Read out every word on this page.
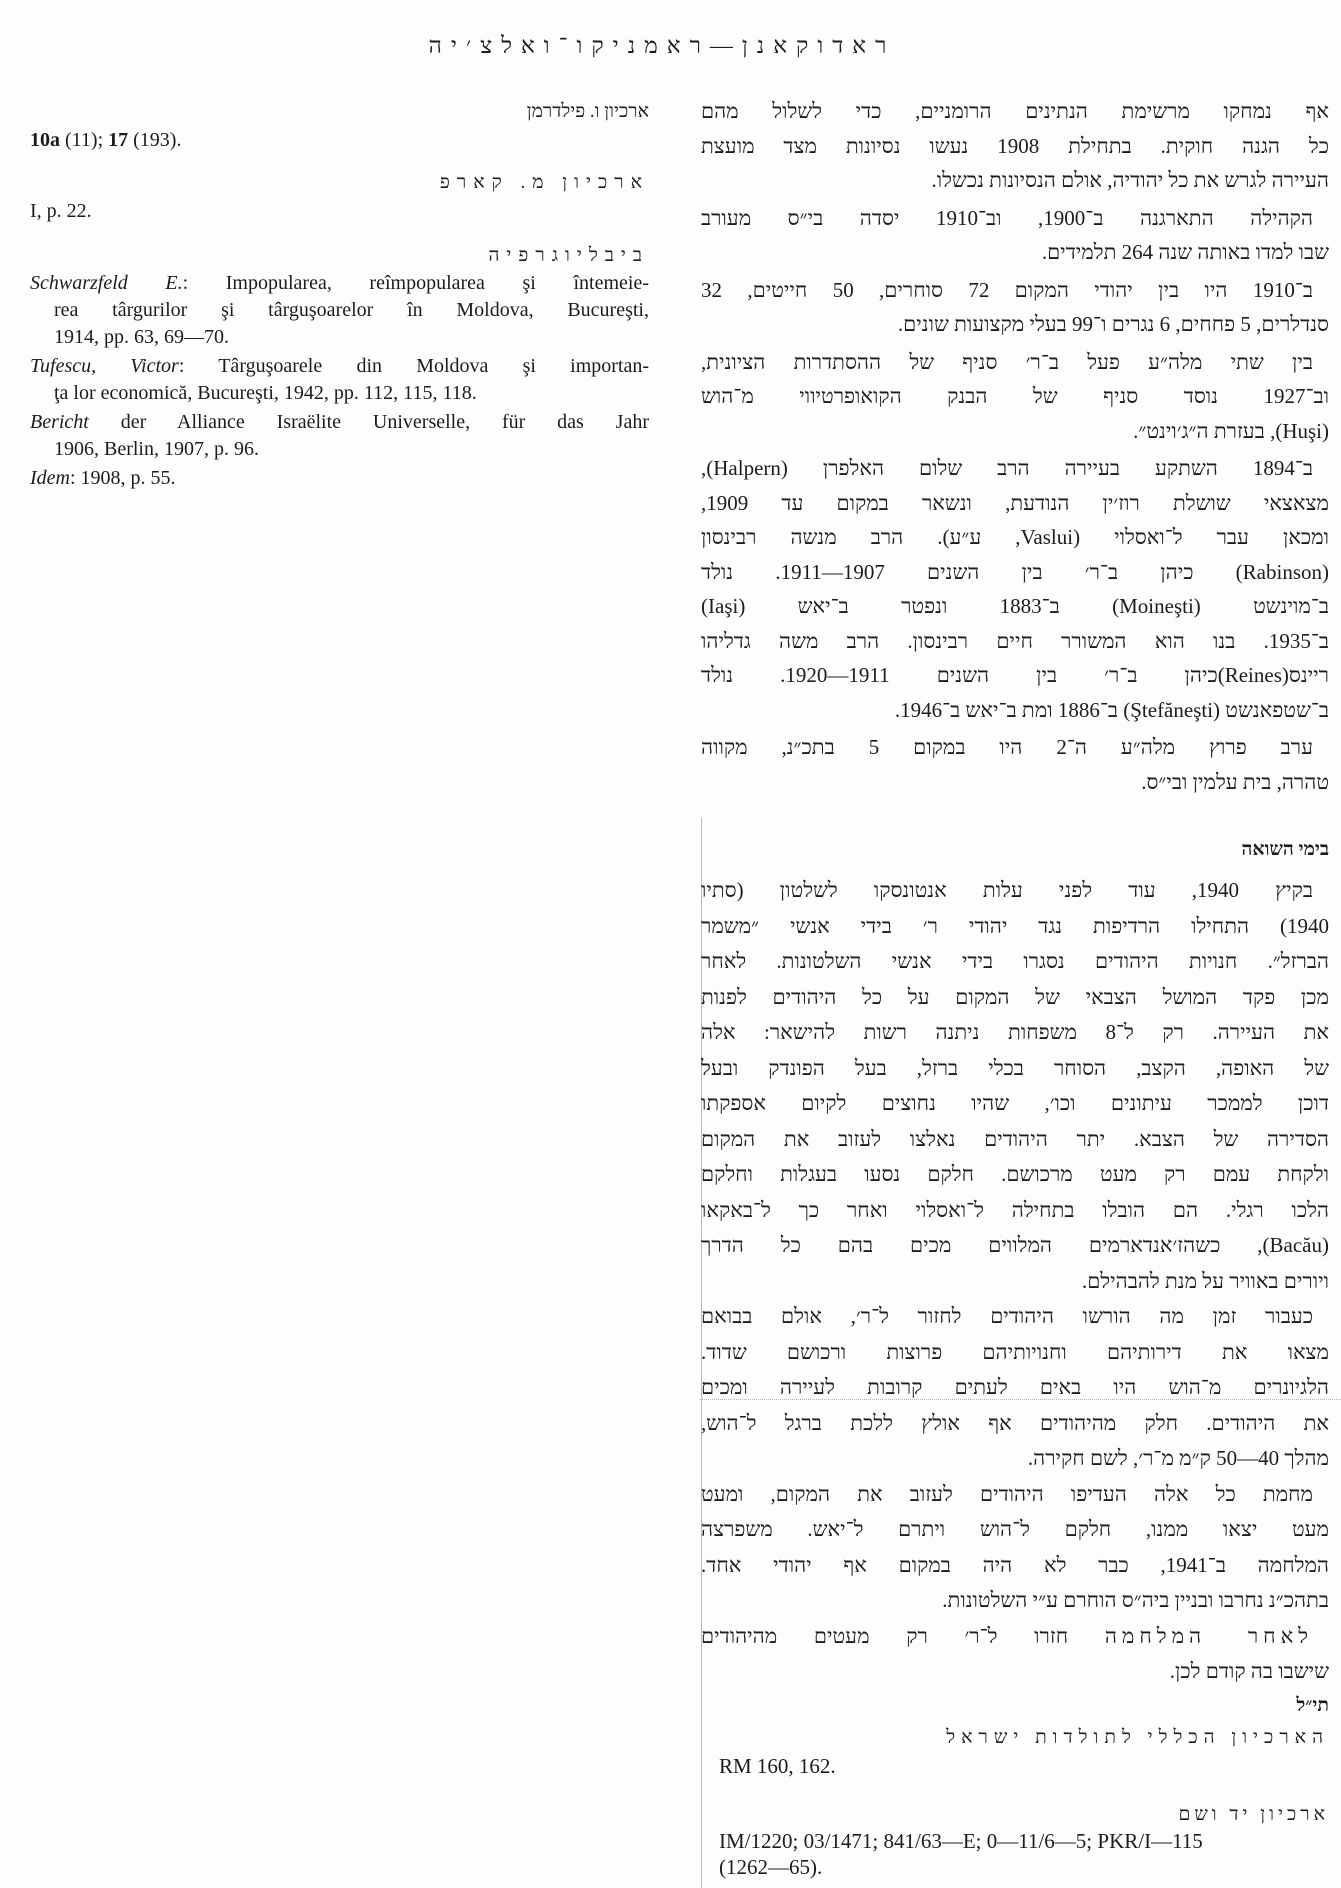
ראדוקאנן—ראמניקו־ואלצ׳יה
ארכיון ו. פילדרמן
10a (11); 17 (193).
ארכיון מ. קארפ
I, p. 22.
ביבליוגרפיה
Schwarzfeld E.: Impopularea, reîmpopularea şi întemeie-
rea târgurilor şi târguşoarelor în Moldova, Bucureşti,
1914, pp. 63, 69—70.
Tufescu, Victor: Târguşoarele din Moldova şi importan-
ţa lor economică, Bucureşti, 1942, pp. 112, 115, 118.
Bericht der Alliance Israëlite Universelle, für das Jahr
1906, Berlin, 1907, p. 96.
Idem: 1908, p. 55.
אף נמחקו מרשימת הנתינים הרומניים, כדי לשלול מהם
כל הגנה חוקית. בתחילת 1908 נעשו נסיונות מצד מועצת
העיירה לגרש את כל יהודיה, אולם הנסיונות נכשלו.
הקהילה התארגנה ב־1900, וב־1910 יסדה בי״ס מעורב
שבו למדו באותה שנה 264 תלמידים.
ב־1910 היו בין יהודי המקום 72 סוחרים, 50 חייטים, 32
סנדלרים, 5 פחחים, 6 נגרים ו־99 בעלי מקצועות שונים.
בין שתי מלה״ע פעל ב־ר׳ סניף של ההסתדרות הציונית,
וב־1927 נוסד סניף של הבנק הקואופרטיווי מ־הוש
(Huşi), בעזרת ה״ג׳וינט״.
ב־1894 השתקע בעיירה הרב שלום האלפרן (Halpern),
מצאצאי שושלת רוז׳ין הנודעת, ונשאר במקום עד 1909,
ומכאן עבר ל־ואסלוי (Vaslui, ע״ע). הרב מנשה רבינסון
(Rabinson) כיהן ב־ר׳ בין השנים 1907—1911. נולד
ב־מוינשט (Moineşti) ב־1883 ונפטר ב־יאש (Iaşi)
ב־1935. בנו הוא המשורר חיים רבינסון. הרב משה גדליהו
ריינס(Reines)כיהן ב־ר׳ בין השנים 1911—1920. נולד
ב־שטפאנשט (Ştefăneşti) ב־1886 ומת ב־יאש ב־1946.
ערב פרוץ מלה״ע ה־2 היו במקום 5 בתכ״נ, מקווה
טהרה, בית עלמין ובי״ס.
בימי השואה
בקיץ 1940, עוד לפני עלות אנטונסקו לשלטון (סתיו
1940) התחילו הרדיפות נגד יהודי ר׳ בידי אנשי ״משמר
הברזל״. חנויות היהודים נסגרו בידי אנשי השלטונות. לאחר
מכן פקד המושל הצבאי של המקום על כל היהודים לפנות
את העיירה. רק ל־8 משפחות ניתנה רשות להישאר: אלה
של האופה, הקצב, הסוחר בכלי ברזל, בעל הפונדק ובעל
דוכן לממכר עיתונים וכו׳, שהיו נחוצים לקיום אספקתו
הסדירה של הצבא. יתר היהודים נאלצו לעזוב את המקום
ולקחת עמם רק מעט מרכושם. חלקם נסעו בעגלות וחלקם
הלכו רגלי. הם הובלו בתחילה ל־ואסלוי ואחר כך ל־באקאו
(Bacău), כשהז׳אנדארמים המלווים מכים בהם כל הדרך
ויורים באוויר על מנת להבהילם.
כעבור זמן מה הורשו היהודים לחזור ל־ר׳, אולם בבואם
מצאו את דירותיהם וחנויותיהם פרוצות ורכושם שדוד.
הלגיונרים מ־הוש היו באים לעתים קרובות לעיירה ומכים
את היהודים. חלק מהיהודים אף אולץ ללכת ברגל ל־הוש,
מהלך 40—50 ק״מ מ־ר׳, לשם חקירה.
מחמת כל אלה העדיפו היהודים לעזוב את המקום, ומעט
מעט יצאו ממנו, חלקם ל־הוש ויתרם ל־יאש. משפרצה
המלחמה ב־1941, כבר לא היה במקום אף יהודי אחד.
בתהכ״נ נחרבו ובניין ביה״ס הוחרם ע״י השלטונות.
לאחר המלחמה חזרו ל־ר׳ רק מעטים מהיהודים
שישבו בה קודם לכן.
תי״ל
הארכיון הכללי לתולדות ישראל
RM 160, 162.
ארכיון יד ושם
IM/1220; 03/1471; 841/63—E; 0—11/6—5; PKR/I—115
(1262—65).
